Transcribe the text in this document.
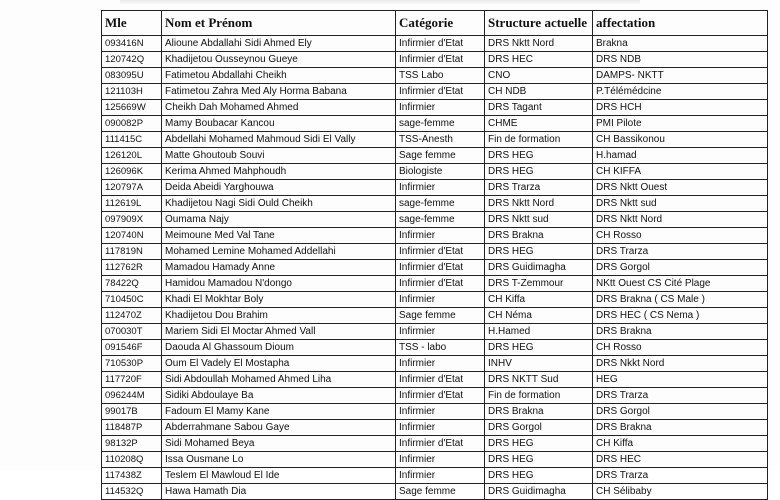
Mle	Nom et Prénom	Catégorie	Structure actuelle	affectation
093416N	Alioune Abdallahi Sidi Ahmed Ely	Infirmier d'Etat	DRS Nktt Nord	Brakna
120742Q	Khadijetou Ousseynou Gueye	Infirmier d'Etat	DRS HEC	DRS NDB
083095U	Fatimetou Abdallahi Cheikh	TSS Labo	CNO	DAMPS- NKTT
121103H	Fatimetou Zahra Med Aly Horma Babana	Infirmier d'Etat	CH NDB	P.Télémédcine
125669W	Cheikh Dah Mohamed Ahmed	Infirmier	DRS Tagant	DRS HCH
090082P	Mamy Boubacar Kancou	sage-femme	CHME	PMI Pilote
111415C	Abdellahi Mohamed Mahmoud Sidi El Vally	TSS-Anesth	Fin de formation	CH Bassikonou
126120L	Matte Ghoutoub Souvi	Sage femme	DRS HEG	H.hamad
126096K	Kerima Ahmed Mahphoudh	Biologiste	DRS HEG	CH KIFFA
120797A	Deida Abeidi Yarghouwa	Infirmier	DRS Trarza	DRS Nktt Ouest
112619L	Khadijetou Nagi Sidi Ould Cheikh	sage-femme	DRS Nktt Nord	DRS Nktt sud
097909X	Oumama Najy	sage-femme	DRS Nktt sud	DRS Nktt Nord
120740N	Meimoune Med Val Tane	Infirmier	DRS Brakna	CH Rosso
117819N	Mohamed Lemine Mohamed Addellahi	Infirmier d'Etat	DRS HEG	DRS Trarza
112762R	Mamadou Hamady Anne	Infirmier d'Etat	DRS Guidimagha	DRS Gorgol
78422Q	Hamidou Mamadou N'dongo	Infirmier d'Etat	DRS T-Zemmour	NKtt Ouest CS Cité Plage
710450C	Khadi El Mokhtar Boly	Infirmier	CH Kiffa	DRS Brakna ( CS Male )
112470Z	Khadijetou Dou Brahim	Sage femme	CH Néma	DRS HEC ( CS Nema )
070030T	Mariem Sidi El Moctar Ahmed Vall	Infirmier	H.Hamed	DRS Brakna
091546F	Daouda Al Ghassoum Dioum	TSS - labo	DRS HEG	CH Rosso
710530P	Oum El Vadely El Mostapha	Infirmier	INHV	DRS Nkkt Nord
117720F	Sidi Abdoullah Mohamed Ahmed Liha	Infirmier d'Etat	DRS NKTT Sud	HEG
096244M	Sidiki Abdoulaye Ba	Infirmier d'Etat	Fin de formation	DRS Trarza
99017B	Fadoum El Mamy Kane	Infirmier	DRS Brakna	DRS Gorgol
118487P	Abderrahmane Sabou Gaye	Infirmier	DRS Gorgol	DRS Brakna
98132P	Sidi Mohamed Beya	Infirmier d'Etat	DRS HEG	CH Kiffa
110208Q	Issa Ousmane Lo	Infirmier	DRS HEG	DRS HEC
117438Z	Teslem El Mawloud El Ide	Infirmier	DRS HEG	DRS Trarza
114532Q	Hawa Hamath Dia	Sage femme	DRS Guidimagha	CH Sélibaby
